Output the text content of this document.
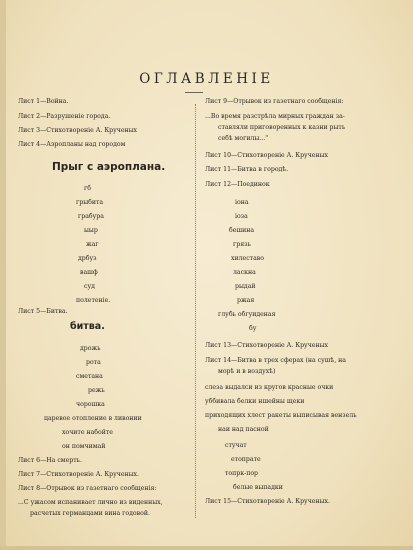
ОГЛАВЛЕНІЕ
Лист 1—Война.
Лист 2—Разрушеніе города.
Лист 3—Стихотвореніе А. Крученых
Лист 4—Аэропланы над городом
Прыг с аэроплана.
гб
грыбита
грабура
ыыр
жаг
дрбуз
вашф
суд
полетеніе.
Лист 5—Битва.
битва.
дрожь
рота
сметана
режь
чорошка
царевое отопление в ливонии
хочите набойте
он помчимай
Лист 6—На смерть.
Лист 7—Стихотвореніе А. Крученых.
Лист 8—Отрывок из газетнаго сообщенія:
...С ужасом испанивает лично из виденных,
расчетых германцами вина годовой.
Лист 9—Отрывок из газетнаго сообщенія:
...Во время разстрѣла мирных граждан за-
ставляли приговоренных к казни рыть
себѣ могилы..."
Лист 10—Стихотвореніе А. Крученых
Лист 11—Битва в городѣ.
Лист 12—Поединок
іона
іоза
бешина
грязь
хилеставо
ласкна
рыдай
ржая
глубь обгуиденая
бу
Лист 13—Стихотвореніе А. Крученых
Лист 14—Битва в трех сферах (на сушѣ, на
морѣ и в воздухѣ)
слеза выдалси из кругов красные очки
уббивала белки ншейны щеки
приходящих хлест ракеты выписывая вензель
наи над пасной
стучат
етопрате
топрк-пор
белые выпадки
Лист 15—Стихотвореніе А. Крученых.
